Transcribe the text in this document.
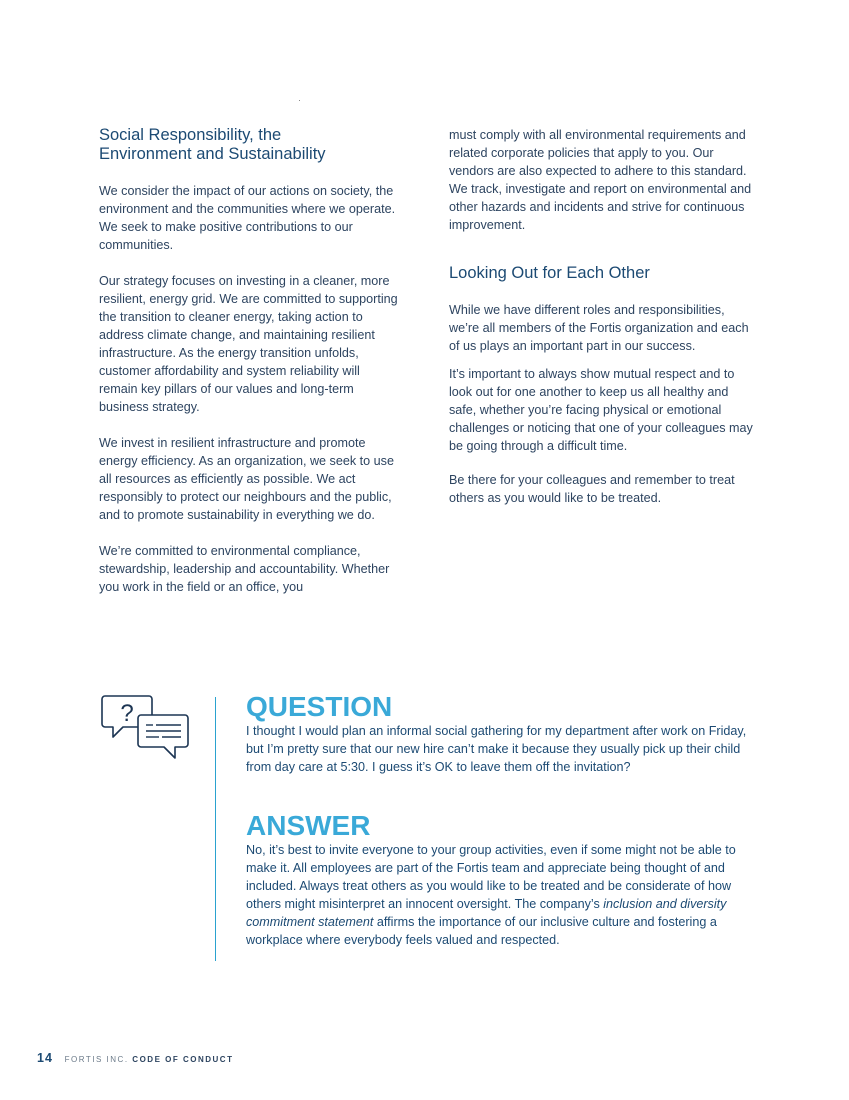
Social Responsibility, the
Environment and Sustainability

We consider the impact of our actions on society, the environment and the communities where we operate. We seek to make positive contributions to our communities.

Our strategy focuses on investing in a cleaner, more resilient, energy grid. We are committed to supporting the transition to cleaner energy, taking action to address climate change, and maintaining resilient infrastructure. As the energy transition unfolds, customer affordability and system reliability will remain key pillars of our values and long-term business strategy.

We invest in resilient infrastructure and promote energy efficiency. As an organization, we seek to use all resources as efficiently as possible. We act responsibly to protect our neighbours and the public, and to promote sustainability in everything we do.

We’re committed to environmental compliance, stewardship, leadership and accountability. Whether you work in the field or an office, you

must comply with all environmental requirements and related corporate policies that apply to you. Our vendors are also expected to adhere to this standard. We track, investigate and report on environmental and other hazards and incidents and strive for continuous improvement.

Looking Out for Each Other

While we have different roles and responsibilities, we’re all members of the Fortis organization and each of us plays an important part in our success.

It’s important to always show mutual respect and to look out for one another to keep us all healthy and safe, whether you’re facing physical or emotional challenges or noticing that one of your colleagues may be going through a difficult time.

Be there for your colleagues and remember to treat others as you would like to be treated.

?	QUESTION

I thought I would plan an informal social gathering for my department after work on Friday, but I’m pretty sure that our new hire can’t make it because they usually pick up their child from day care at 5:30. I guess it’s OK to leave them off the invitation?

ANSWER

No, it’s best to invite everyone to your group activities, even if some might not be able to make it. All employees are part of the Fortis team and appreciate being thought of and included. Always treat others as you would like to be treated and be considerate of how others might misinterpret an innocent oversight. The company’s inclusion and diversity commitment statement affirms the importance of our inclusive culture and fostering a workplace where everybody feels valued and respected.

14 FORTIS INC. CODE OF CONDUCT
